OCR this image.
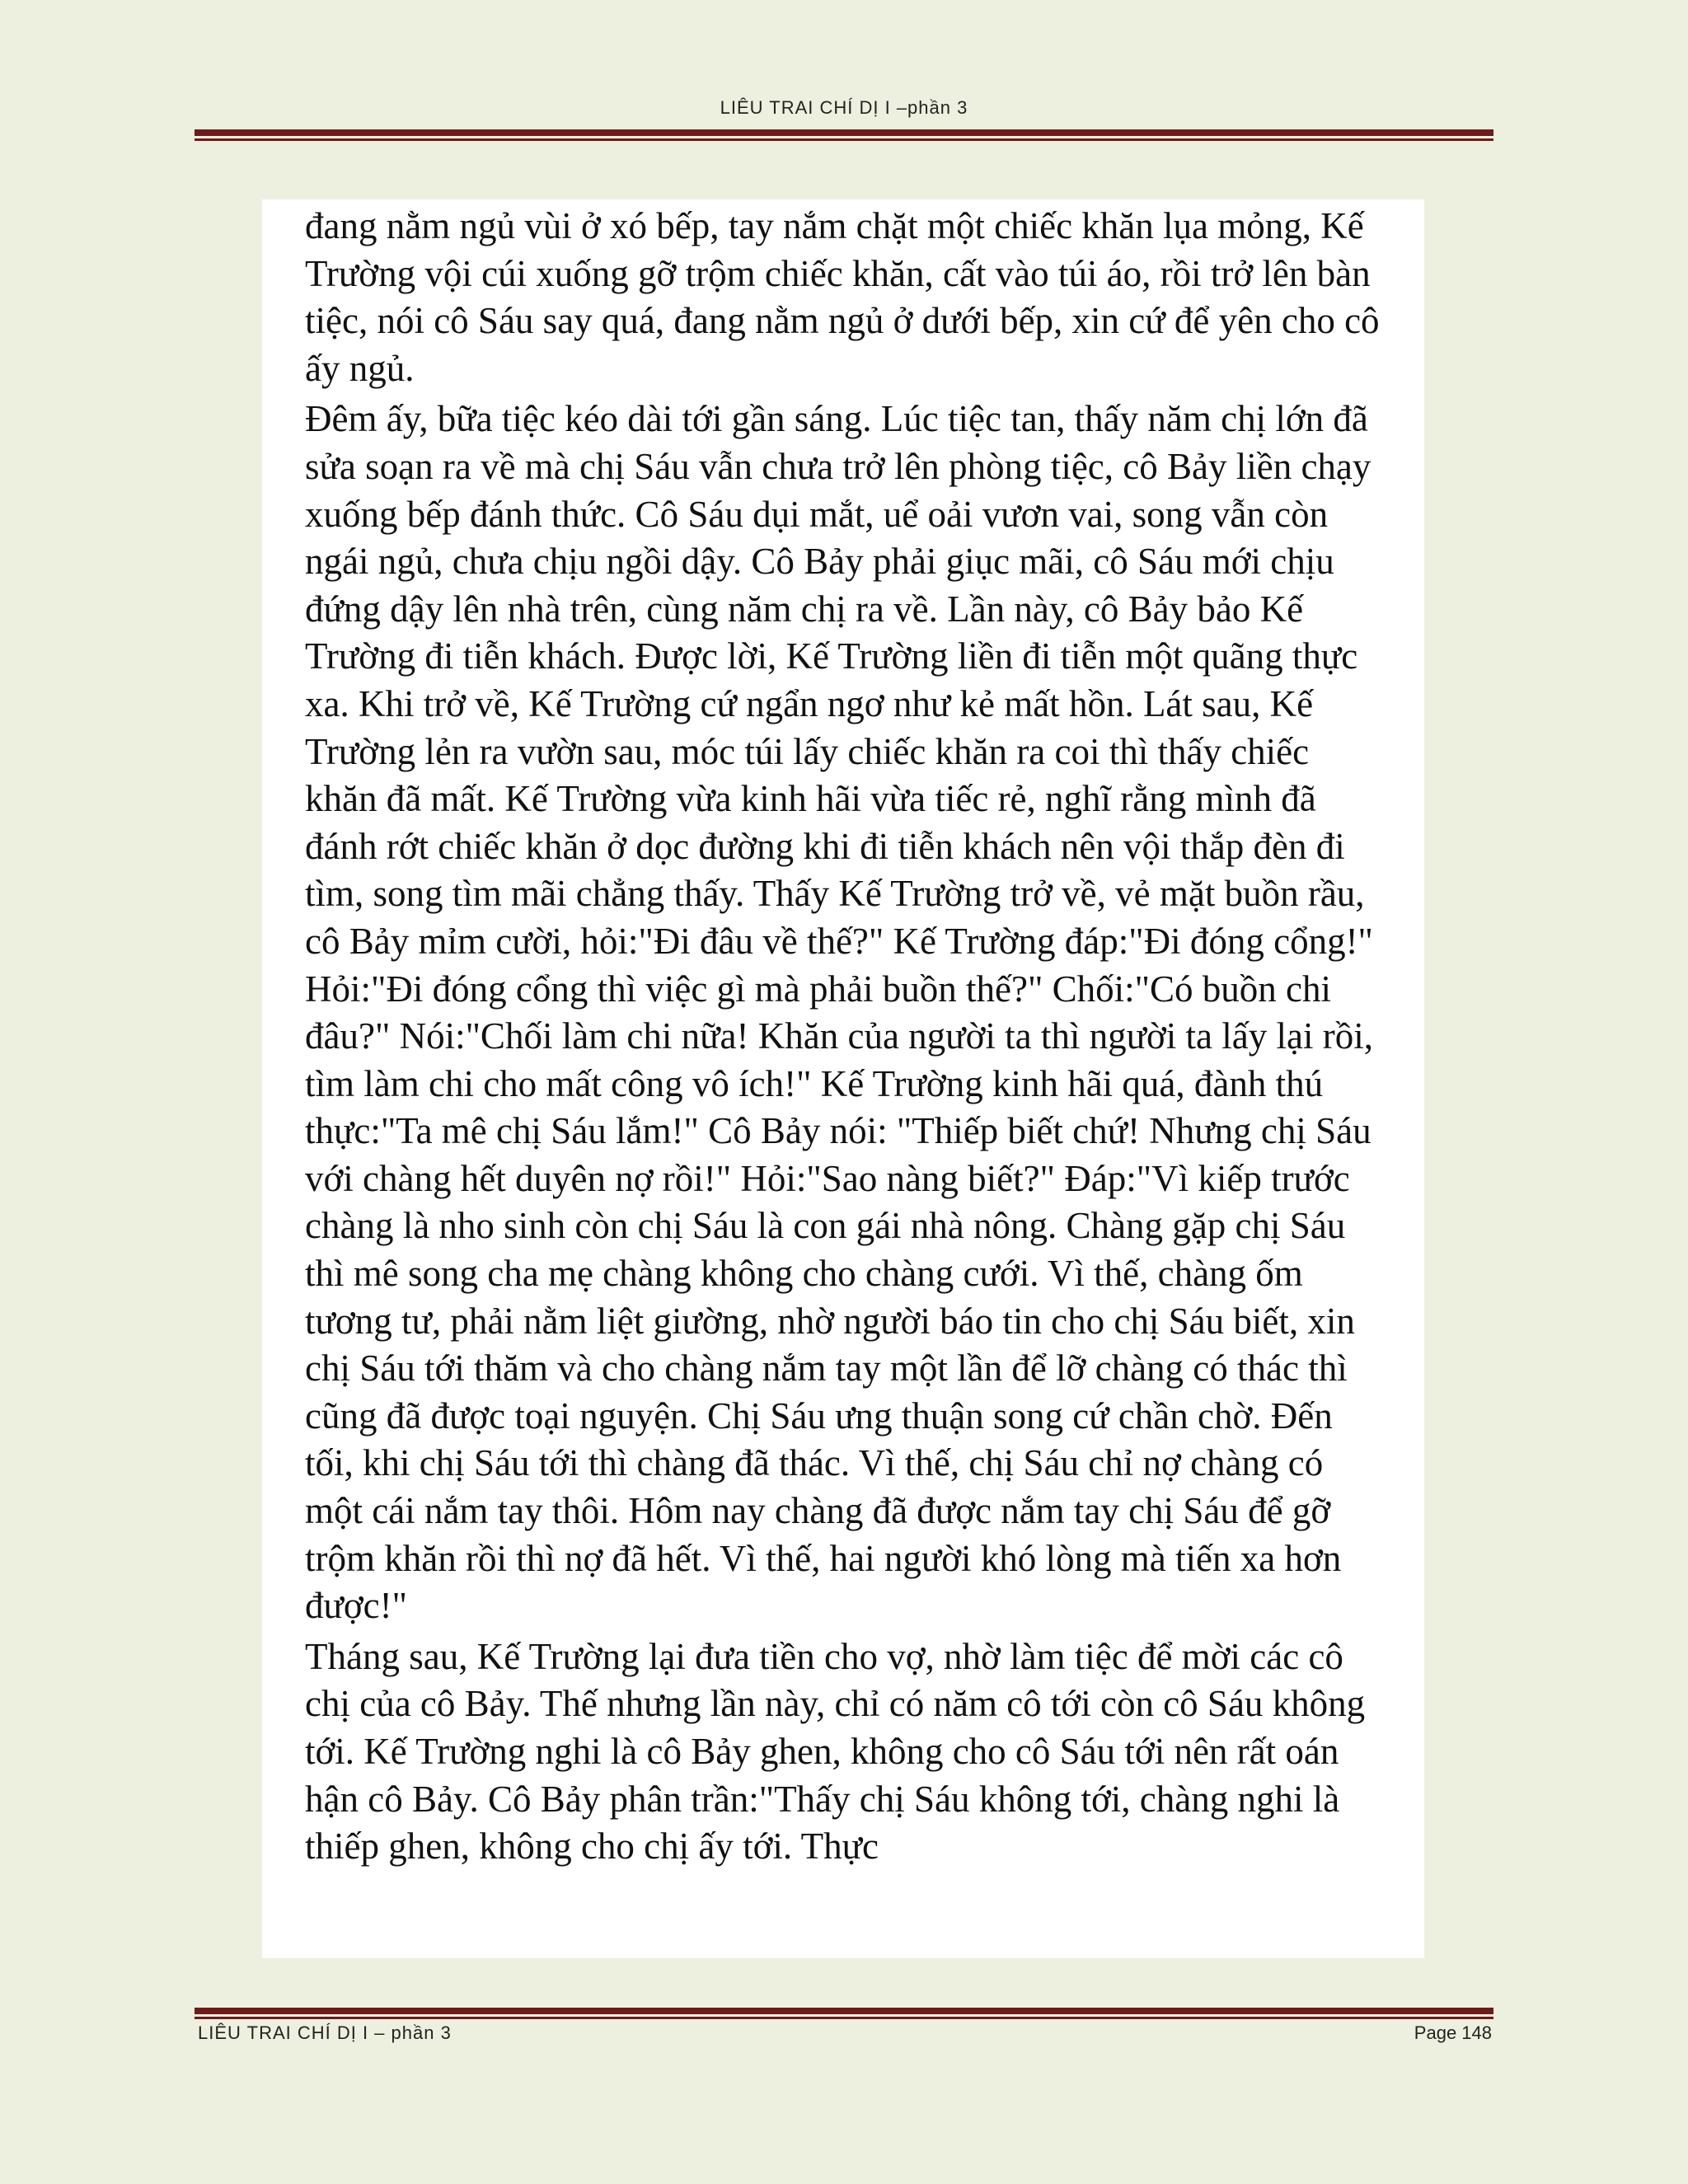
LIÊU TRAI CHÍ DỊ I –phần 3

đang nằm ngủ vùi ở xó bếp, tay nắm chặt một chiếc khăn lụa mỏng, Kế Trường vội cúi xuống gỡ trộm chiếc khăn, cất vào túi áo, rồi trở lên bàn tiệc, nói cô Sáu say quá, đang nằm ngủ ở dưới bếp, xin cứ để yên cho cô ấy ngủ.

Đêm ấy, bữa tiệc kéo dài tới gần sáng. Lúc tiệc tan, thấy năm chị lớn đã sửa soạn ra về mà chị Sáu vẫn chưa trở lên phòng tiệc, cô Bảy liền chạy xuống bếp đánh thức. Cô Sáu dụi mắt, uể oải vươn vai, song vẫn còn ngái ngủ, chưa chịu ngồi dậy. Cô Bảy phải giục mãi, cô Sáu mới chịu đứng dậy lên nhà trên, cùng năm chị ra về. Lần này, cô Bảy bảo Kế Trường đi tiễn khách. Được lời, Kế Trường liền đi tiễn một quãng thực xa. Khi trở về, Kế Trường cứ ngẩn ngơ như kẻ mất hồn. Lát sau, Kế Trường lẻn ra vườn sau, móc túi lấy chiếc khăn ra coi thì thấy chiếc khăn đã mất. Kế Trường vừa kinh hãi vừa tiếc rẻ, nghĩ rằng mình đã đánh rớt chiếc khăn ở dọc đường khi đi tiễn khách nên vội thắp đèn đi tìm, song tìm mãi chẳng thấy. Thấy Kế Trường trở về, vẻ mặt buồn rầu, cô Bảy mỉm cười, hỏi:"Đi đâu về thế?" Kế Trường đáp:"Đi đóng cổng!" Hỏi:"Đi đóng cổng thì việc gì mà phải buồn thế?" Chối:"Có buồn chi đâu?" Nói:"Chối làm chi nữa! Khăn của người ta thì người ta lấy lại rồi, tìm làm chi cho mất công vô ích!" Kế Trường kinh hãi quá, đành thú thực:"Ta mê chị Sáu lắm!" Cô Bảy nói: "Thiếp biết chứ! Nhưng chị Sáu với chàng hết duyên nợ rồi!" Hỏi:"Sao nàng biết?" Đáp:"Vì kiếp trước chàng là nho sinh còn chị Sáu là con gái nhà nông. Chàng gặp chị Sáu thì mê song cha mẹ chàng không cho chàng cưới. Vì thế, chàng ốm tương tư, phải nằm liệt giường, nhờ người báo tin cho chị Sáu biết, xin chị Sáu tới thăm và cho chàng nắm tay một lần để lỡ chàng có thác thì cũng đã được toại nguyện. Chị Sáu ưng thuận song cứ chần chờ. Đến tối, khi chị Sáu tới thì chàng đã thác. Vì thế, chị Sáu chỉ nợ chàng có một cái nắm tay thôi. Hôm nay chàng đã được nắm tay chị Sáu để gỡ trộm khăn rồi thì nợ đã hết. Vì thế, hai người khó lòng mà tiến xa hơn được!"

Tháng sau, Kế Trường lại đưa tiền cho vợ, nhờ làm tiệc để mời các cô chị của cô Bảy. Thế nhưng lần này, chỉ có năm cô tới còn cô Sáu không tới. Kế Trường nghi là cô Bảy ghen, không cho cô Sáu tới nên rất oán hận cô Bảy. Cô Bảy phân trần:"Thấy chị Sáu không tới, chàng nghi là thiếp ghen, không cho chị ấy tới. Thực

LIÊU TRAI CHÍ DỊ I – phần 3	Page 148
